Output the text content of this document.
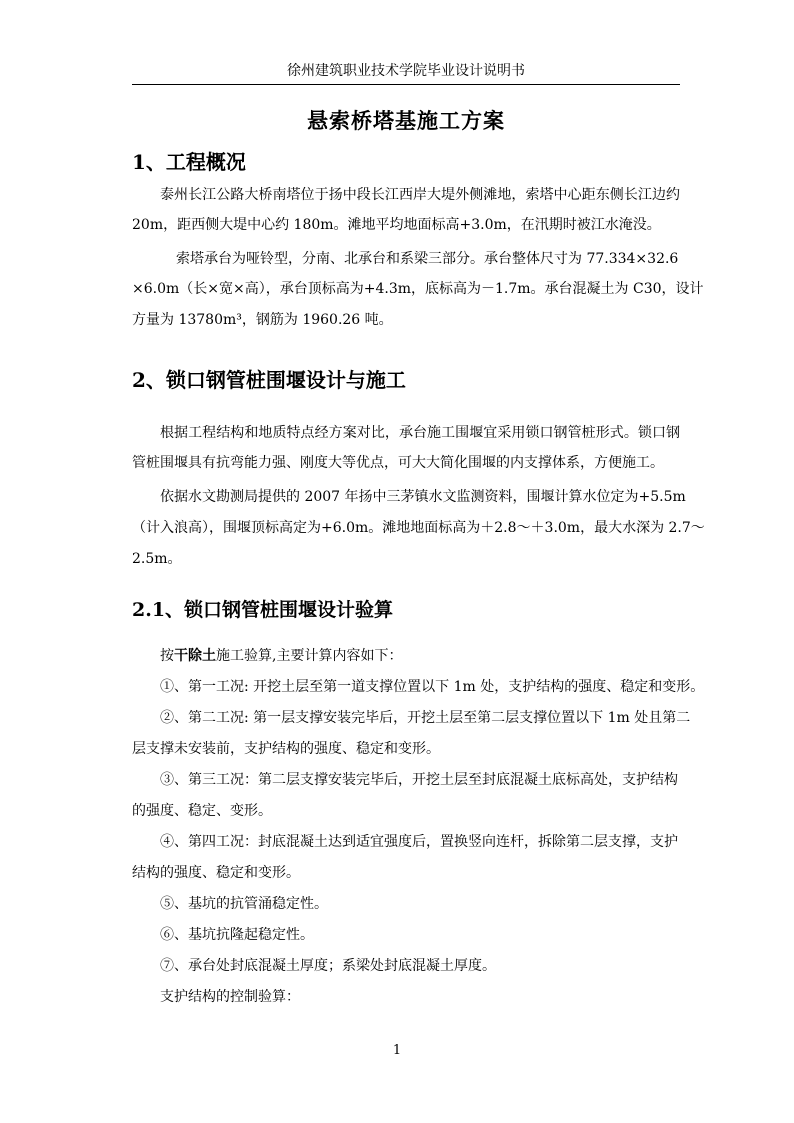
徐州建筑职业技术学院毕业设计说明书
悬索桥塔基施工方案
1、工程概况
泰州长江公路大桥南塔位于扬中段长江西岸大堤外侧滩地，索塔中心距东侧长江边约 20m，距西侧大堤中心约 180m。滩地平均地面标高+3.0m，在汛期时被江水淹没。
索塔承台为哑铃型，分南、北承台和系梁三部分。承台整体尺寸为 77.334×32.6
×6.0m（长×宽×高），承台顶标高为+4.3m，底标高为－1.7m。承台混凝土为 C30，设计
方量为 13780m³，钢筋为 1960.26 吨。
2、锁口钢管桩围堰设计与施工
根据工程结构和地质特点经方案对比，承台施工围堰宜采用锁口钢管桩形式。锁口钢管桩围堰具有抗弯能力强、刚度大等优点，可大大简化围堰的内支撑体系，方便施工。
依据水文勘测局提供的 2007 年扬中三茅镇水文监测资料，围堰计算水位定为+5.5m
（计入浪高），围堰顶标高定为+6.0m。滩地地面标高为＋2.8～＋3.0m，最大水深为 2.7～
2.5m。
2.1、锁口钢管桩围堰设计验算
按干除土施工验算,主要计算内容如下：
①、第一工况: 开挖土层至第一道支撑位置以下 1m 处，支护结构的强度、稳定和变形。
②、第二工况: 第一层支撑安装完毕后，开挖土层至第二层支撑位置以下 1m 处且第二
层支撑未安装前，支护结构的强度、稳定和变形。
③、第三工况：第二层支撑安装完毕后，开挖土层至封底混凝土底标高处，支护结构
的强度、稳定、变形。
④、第四工况：封底混凝土达到适宜强度后，置换竖向连杆，拆除第二层支撑，支护
结构的强度、稳定和变形。
⑤、基坑的抗管涌稳定性。
⑥、基坑抗隆起稳定性。
⑦、承台处封底混凝土厚度；系梁处封底混凝土厚度。
支护结构的控制验算：
1
